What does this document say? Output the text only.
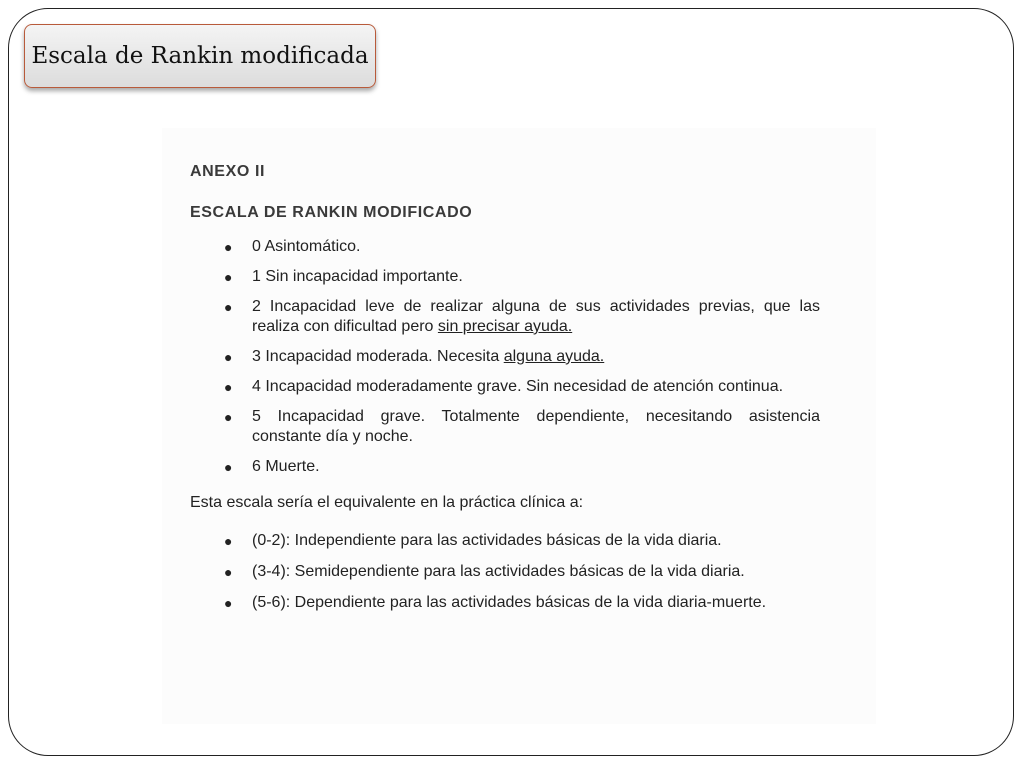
Escala de Rankin modificada

ANEXO II

ESCALA DE RANKIN MODIFICADO

● 0 Asintomático.
● 1 Sin incapacidad importante.
● 2 Incapacidad leve de realizar alguna de sus actividades previas, que las realiza con dificultad pero sin precisar ayuda.
● 3 Incapacidad moderada. Necesita alguna ayuda.
● 4 Incapacidad moderadamente grave. Sin necesidad de atención continua.
● 5 Incapacidad grave. Totalmente dependiente, necesitando asistencia constante día y noche.
● 6 Muerte.

Esta escala sería el equivalente en la práctica clínica a:

● (0-2): Independiente para las actividades básicas de la vida diaria.
● (3-4): Semidependiente para las actividades básicas de la vida diaria.
● (5-6): Dependiente para las actividades básicas de la vida diaria-muerte.
